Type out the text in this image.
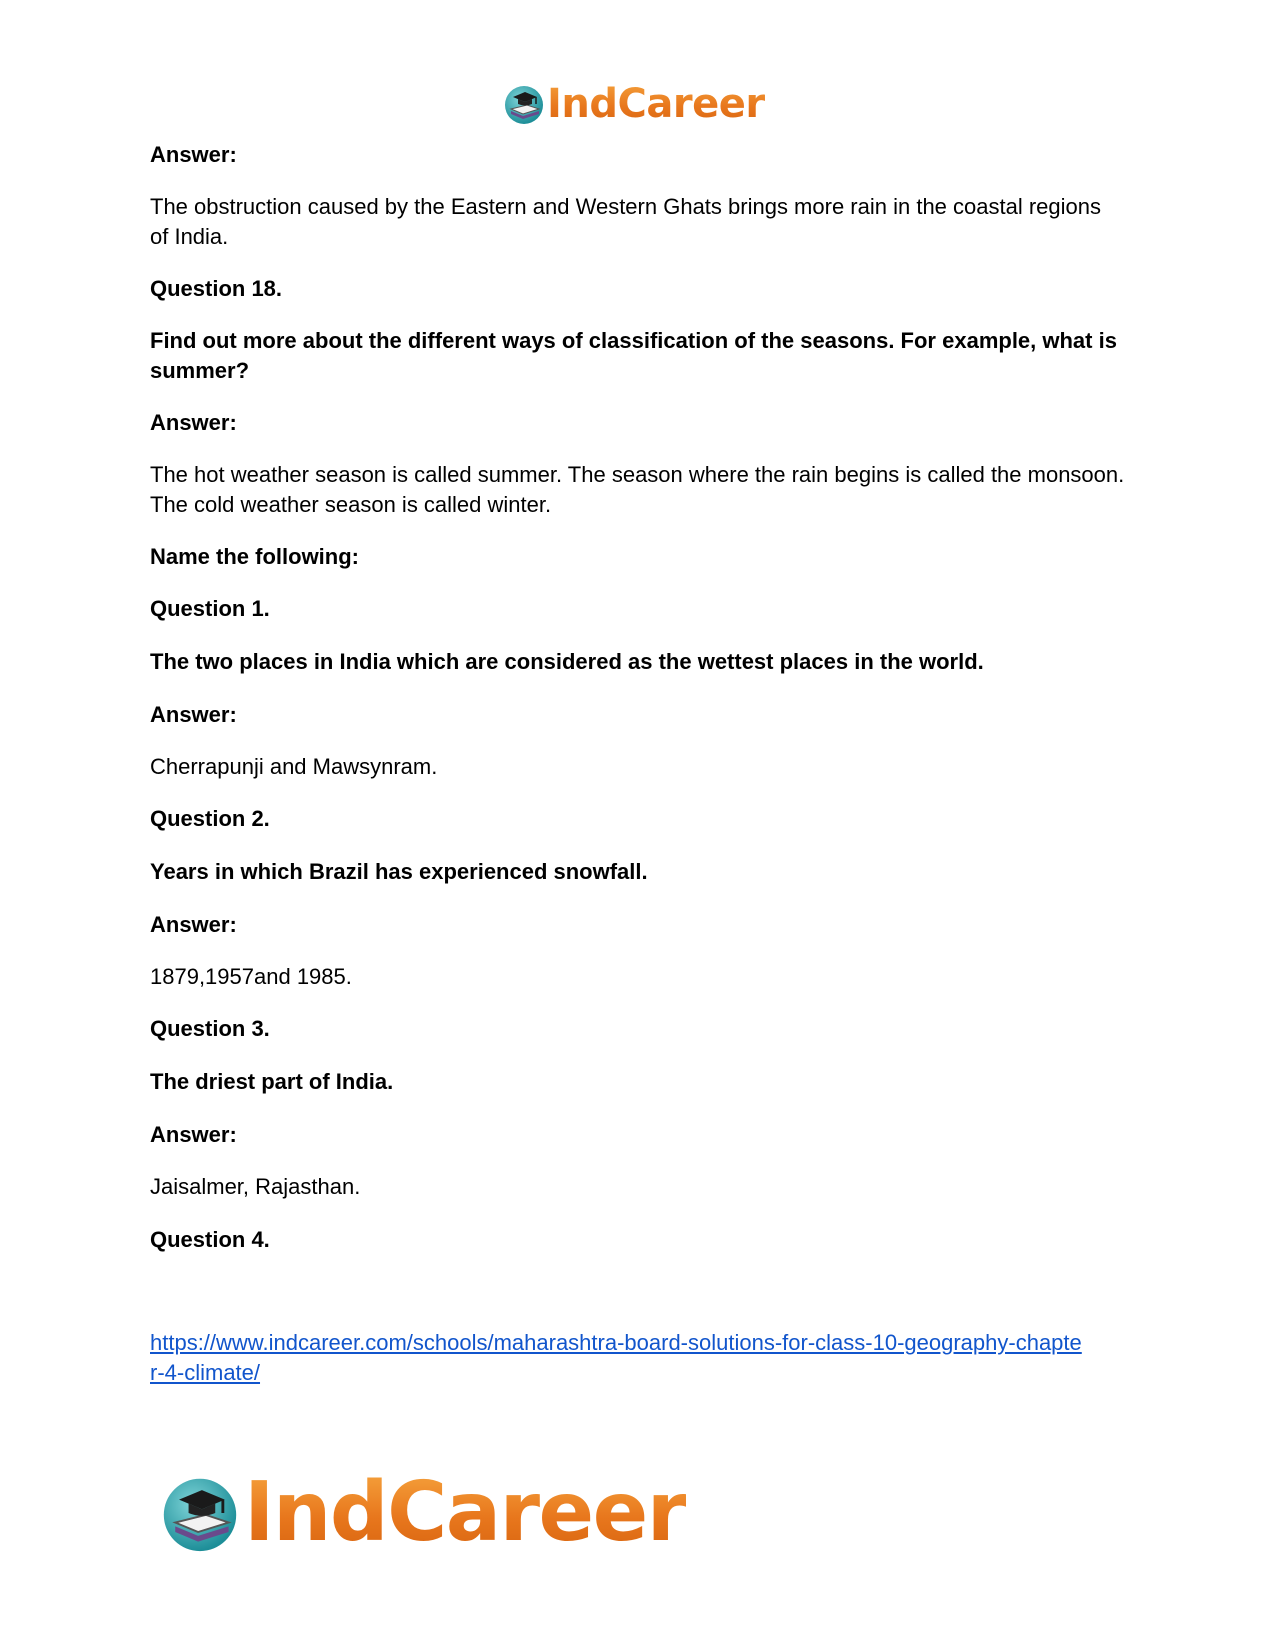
IndCareer

Answer:

The obstruction caused by the Eastern and Western Ghats brings more rain in the coastal regions of India.

Question 18.

Find out more about the different ways of classification of the seasons. For example, what is summer?

Answer:

The hot weather season is called summer. The season where the rain begins is called the monsoon. The cold weather season is called winter.

Name the following:

Question 1.

The two places in India which are considered as the wettest places in the world.

Answer:

Cherrapunji and Mawsynram.

Question 2.

Years in which Brazil has experienced snowfall.

Answer:

1879,1957and 1985.

Question 3.

The driest part of India.

Answer:

Jaisalmer, Rajasthan.

Question 4.

https://www.indcareer.com/schools/maharashtra-board-solutions-for-class-10-geography-chapte
r-4-climate/
IndCareer
